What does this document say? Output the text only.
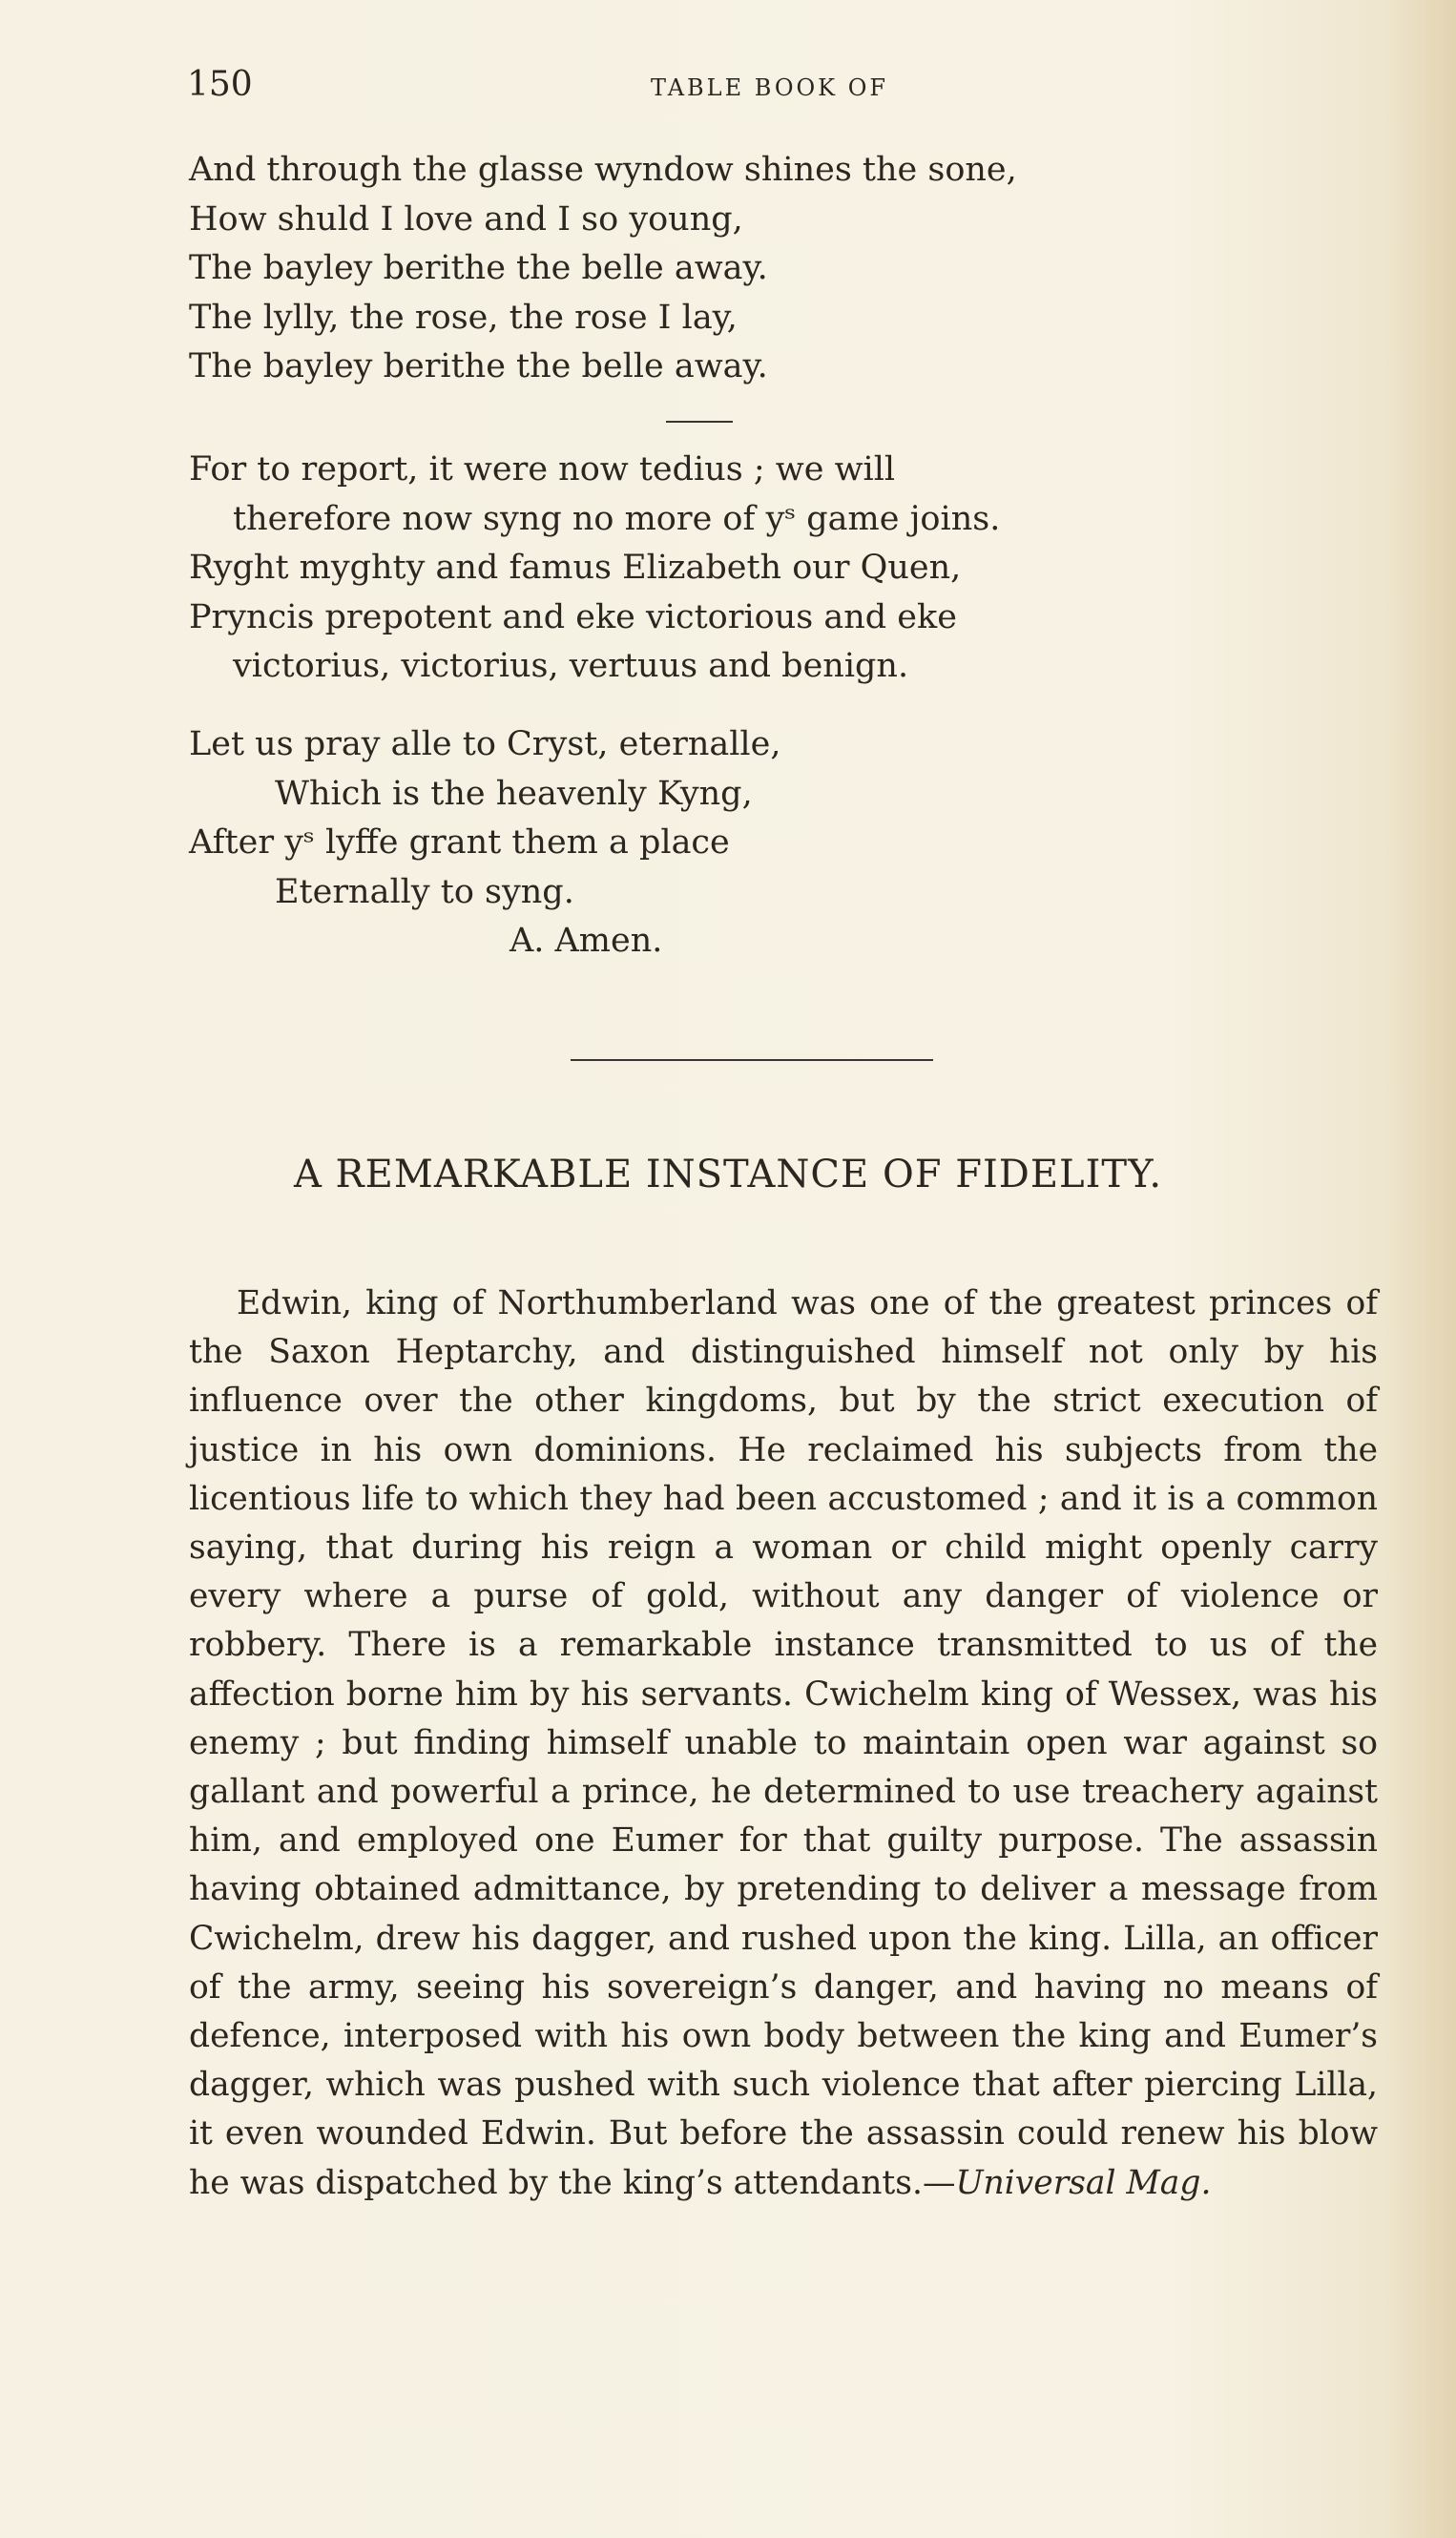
150	TABLE BOOK OF
And through the glasse wyndow shines the sone,
How shuld I love and I so young,
The bayley berithe the belle away.
The lylly, the rose, the rose I lay,
The bayley berithe the belle away.
For to report, it were now tedius ; we will
therefore now syng no more of yˢ game joins.
Ryght myghty and famus Elizabeth our Quen,
Pryncis prepotent and eke victorious and eke
victorius, victorius, vertuus and benign.
Let us pray alle to Cryst, eternalle,
Which is the heavenly Kyng,
After yˢ lyffe grant them a place
Eternally to syng.
A. Amen.
A REMARKABLE INSTANCE OF FIDELITY.

Edwin, king of Northumberland was one of the greatest princes of the Saxon Heptarchy, and distinguished himself not only by his influence over the other kingdoms, but by the strict execution of justice in his own dominions. He reclaimed his subjects from the licentious life to which they had been accustomed ; and it is a common saying, that during his reign a woman or child might openly carry every where a purse of gold, without any danger of violence or robbery. There is a remarkable instance transmitted to us of the affection borne him by his servants. Cwichelm king of Wessex, was his enemy ; but finding himself unable to maintain open war against so gallant and powerful a prince, he determined to use treachery against him, and employed one Eumer for that guilty purpose. The assassin having obtained admittance, by pretending to deliver a message from Cwichelm, drew his dagger, and rushed upon the king. Lilla, an officer of the army, seeing his sovereign’s danger, and having no means of defence, interposed with his own body between the king and Eumer’s dagger, which was pushed with such violence that after piercing Lilla, it even wounded Edwin. But before the assassin could renew his blow he was dispatched by the king’s attendants.—Universal Mag.
